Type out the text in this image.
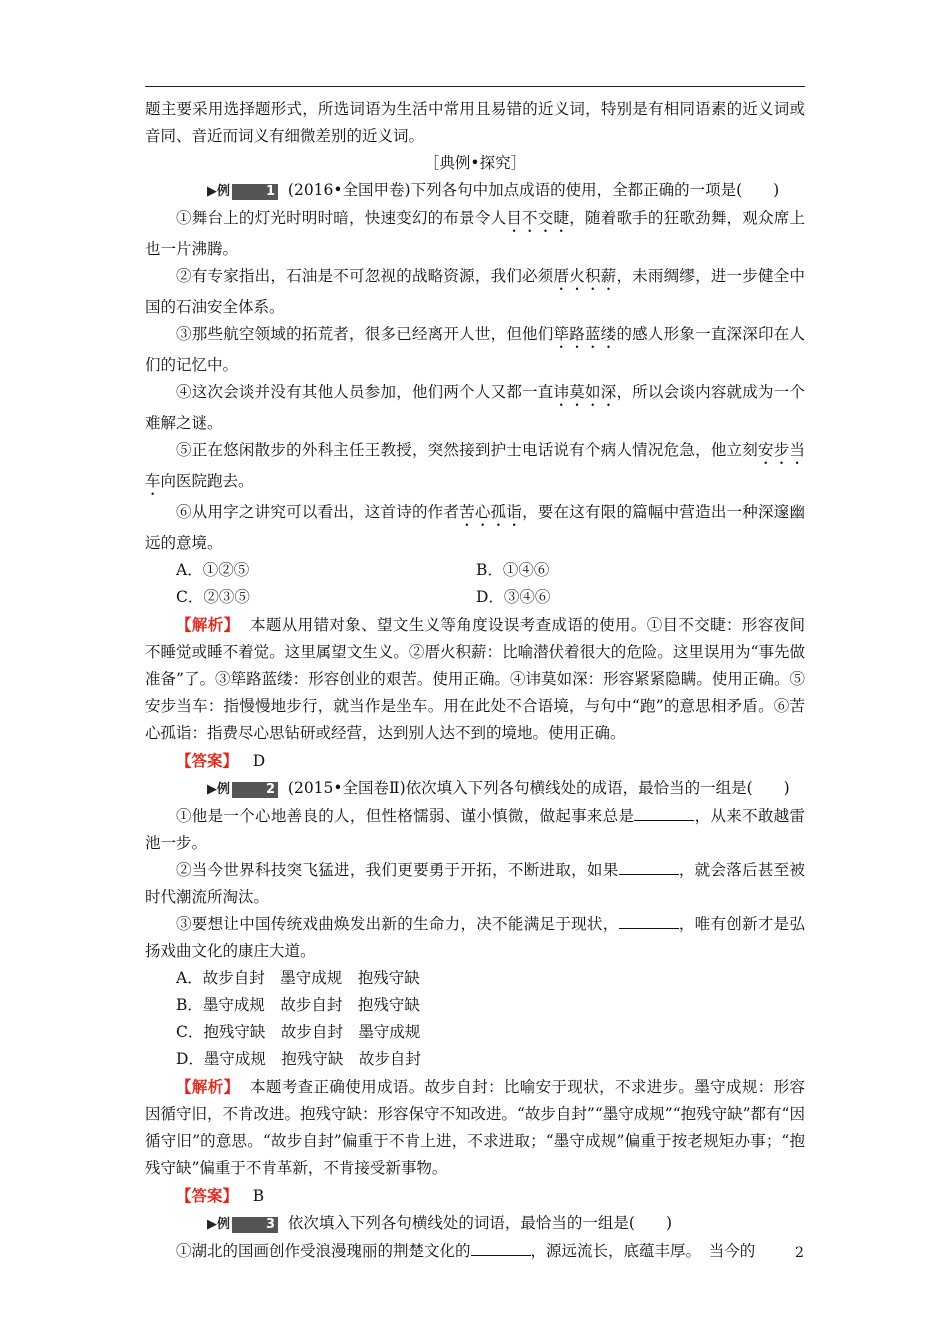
题主要采用选择题形式，所选词语为生活中常用且易错的近义词，特别是有相同语素的近义词或音同、音近而词义有细微差别的近义词。

［典例•探究］

▶例	1 (2016•全国甲卷)下列各句中加点成语的使用，全都正确的一项是(　　)

①舞台上的灯光时明时暗，快速变幻的布景令人目不交睫，随着歌手的狂歌劲舞，观众席上也一片沸腾。

②有专家指出，石油是不可忽视的战略资源，我们必须厝火积薪，未雨绸缪，进一步健全中国的石油安全体系。

③那些航空领域的拓荒者，很多已经离开人世，但他们筚路蓝缕的感人形象一直深深印在人们的记忆中。

④这次会谈并没有其他人员参加，他们两个人又都一直讳莫如深，所以会谈内容就成为一个难解之谜。

⑤正在悠闲散步的外科主任王教授，突然接到护士电话说有个病人情况危急，他立刻安步当车向医院跑去。

⑥从用字之讲究可以看出，这首诗的作者苦心孤诣，要在这有限的篇幅中营造出一种深邃幽远的意境。

A．①②⑤	B．①④⑥
C．②③⑤	D．③④⑥

【解析】 本题从用错对象、望文生义等角度设误考查成语的使用。①目不交睫：形容夜间不睡觉或睡不着觉。这里属望文生义。②厝火积薪：比喻潜伏着很大的危险。这里误用为“事先做准备”了。③筚路蓝缕：形容创业的艰苦。使用正确。④讳莫如深：形容紧紧隐瞒。使用正确。⑤安步当车：指慢慢地步行，就当作是坐车。用在此处不合语境，与句中“跑”的意思相矛盾。⑥苦心孤诣：指费尽心思钻研或经营，达到别人达不到的境地。使用正确。

【答案】 D

▶例	2 (2015•全国卷Ⅱ)依次填入下列各句横线处的成语，最恰当的一组是(　　)

①他是一个心地善良的人，但性格懦弱、谨小慎微，做起事来总是	，从来不敢越雷池一步。

②当今世界科技突飞猛进，我们更要勇于开拓，不断进取，如果	，就会落后甚至被时代潮流所淘汰。

③要想让中国传统戏曲焕发出新的生命力，决不能满足于现状，	，唯有创新才是弘扬戏曲文化的康庄大道。

A．故步自封　墨守成规　抱残守缺

B．墨守成规　故步自封　抱残守缺

C．抱残守缺　故步自封　墨守成规

D．墨守成规　抱残守缺　故步自封

【解析】 本题考查正确使用成语。故步自封：比喻安于现状，不求进步。墨守成规：形容因循守旧，不肯改进。抱残守缺：形容保守不知改进。“故步自封”“墨守成规”“抱残守缺”都有“因循守旧”的意思。“故步自封”偏重于不肯上进，不求进取；“墨守成规”偏重于按老规矩办事；“抱残守缺”偏重于不肯革新，不肯接受新事物。

【答案】 B

▶例	3 依次填入下列各句横线处的词语，最恰当的一组是(　　)

①湖北的国画创作受浪漫瑰丽的荆楚文化的	，源远流长，底蕴丰厚。　当今的	2
